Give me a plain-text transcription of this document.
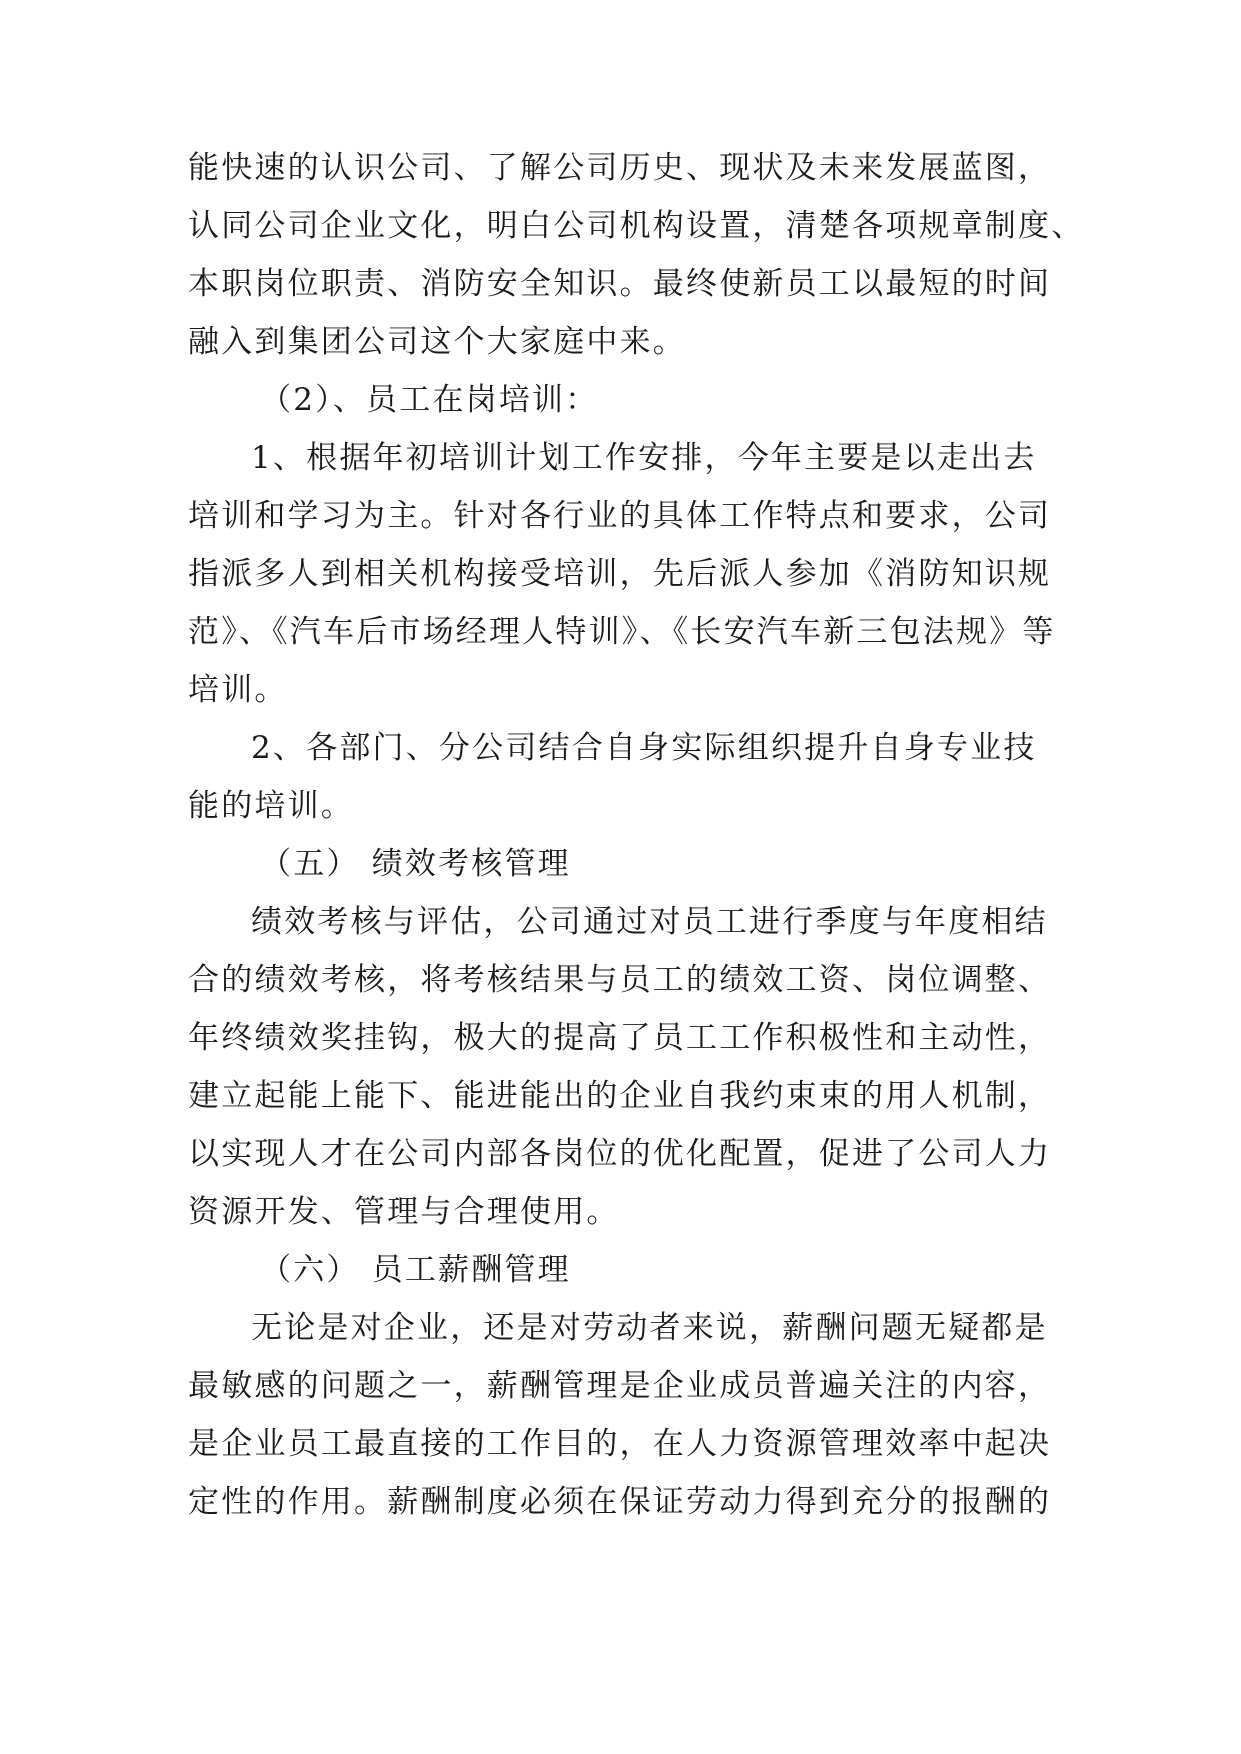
能快速的认识公司、了解公司历史、现状及未来发展蓝图，
认同公司企业文化，明白公司机构设置，清楚各项规章制度、
本职岗位职责、消防安全知识。最终使新员工以最短的时间
融入到集团公司这个大家庭中来。
（2）、员工在岗培训：
1、根据年初培训计划工作安排，今年主要是以走出去
培训和学习为主。针对各行业的具体工作特点和要求，公司
指派多人到相关机构接受培训，先后派人参加《消防知识规
范》、《汽车后市场经理人特训》、《长安汽车新三包法规》等
培训。
2、各部门、分公司结合自身实际组织提升自身专业技
能的培训。
（五） 绩效考核管理
绩效考核与评估，公司通过对员工进行季度与年度相结
合的绩效考核，将考核结果与员工的绩效工资、岗位调整、
年终绩效奖挂钩，极大的提高了员工工作积极性和主动性，
建立起能上能下、能进能出的企业自我约束束的用人机制，
以实现人才在公司内部各岗位的优化配置，促进了公司人力
资源开发、管理与合理使用。
（六） 员工薪酬管理
无论是对企业，还是对劳动者来说，薪酬问题无疑都是
最敏感的问题之一，薪酬管理是企业成员普遍关注的内容，
是企业员工最直接的工作目的，在人力资源管理效率中起决
定性的作用。薪酬制度必须在保证劳动力得到充分的报酬的
